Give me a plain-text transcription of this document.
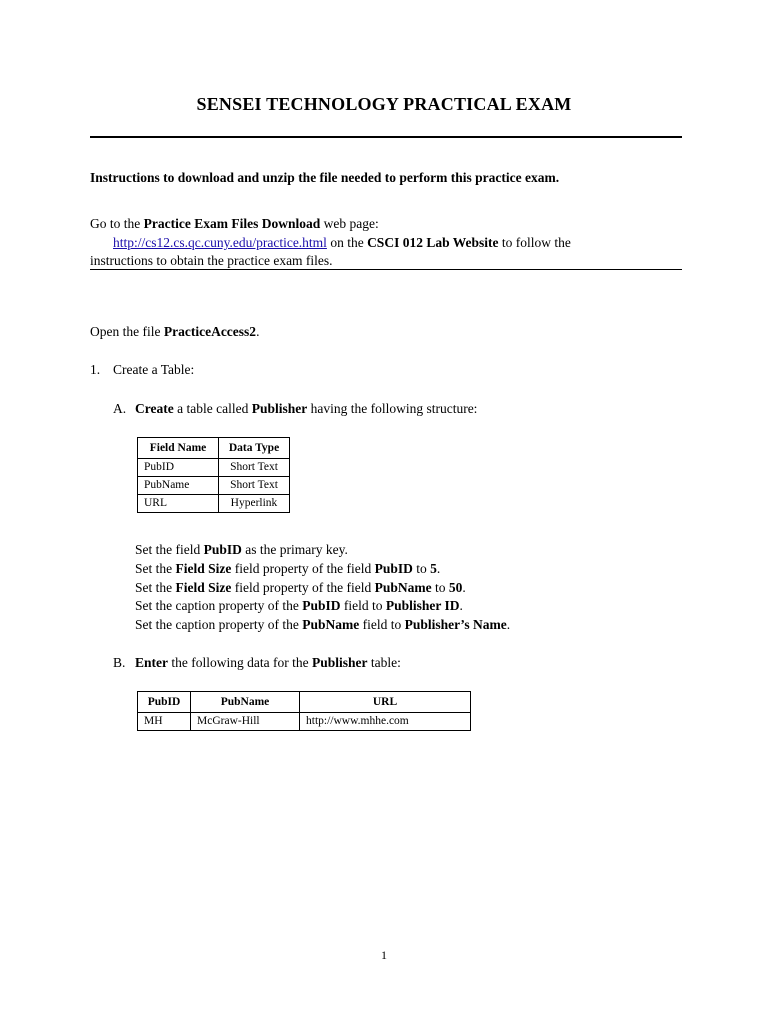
SENSEI TECHNOLOGY PRACTICAL EXAM
Instructions to download and unzip the file needed to perform this practice exam.
Go to the Practice Exam Files Download web page:
http://cs12.cs.qc.cuny.edu/practice.html on the CSCI 012 Lab Website to follow the
instructions to obtain the practice exam files.
Open the file PracticeAccess2.
1. Create a Table:
A. Create a table called Publisher having the following structure:
Field Name	Data Type
PubID	Short Text
PubName	Short Text
URL	Hyperlink
Set the field PubID as the primary key.
Set the Field Size field property of the field PubID to 5.
Set the Field Size field property of the field PubName to 50.
Set the caption property of the PubID field to Publisher ID.
Set the caption property of the PubName field to Publisher’s Name.
B. Enter the following data for the Publisher table:
PubID	PubName	URL
MH	McGraw-Hill	http://www.mhhe.com
1
